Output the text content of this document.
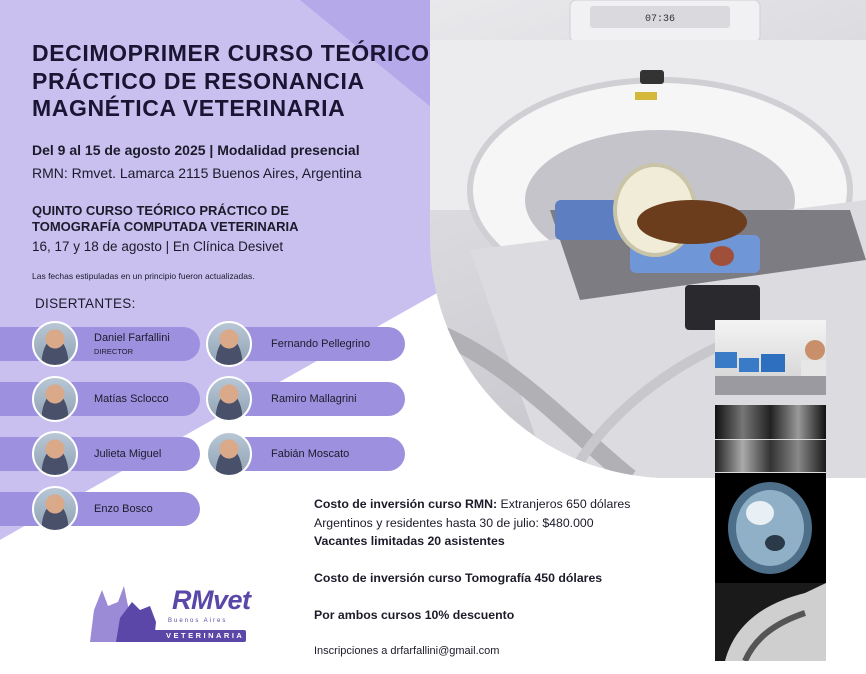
07:36
DECIMOPRIMER CURSO TEÓRICO
PRÁCTICO DE RESONANCIA
MAGNÉTICA VETERINARIA
Del 9 al 15 de agosto 2025 | Modalidad presencial
RMN: Rmvet. Lamarca 2115 Buenos Aires, Argentina
QUINTO CURSO TEÓRICO PRÁCTICO DE
TOMOGRAFÍA COMPUTADA VETERINARIA
16, 17 y 18 de agosto | En Clínica Desivet
Las fechas estipuladas en un principio fueron actualizadas.
DISERTANTES:
Daniel Farfallini
DIRECTOR
Fernando Pellegrino
Matías Sclocco	Ramiro Mallagrini
Julieta Miguel	Fabián Moscato
Enzo Bosco	Costo de inversión curso RMN: Extranjeros 650 dólares
Argentinos y residentes hasta 30 de julio: $480.000
Vacantes limitadas 20 asistentes
Costo de inversión curso Tomografía 450 dólares
Por ambos cursos 10% descuento
Inscripciones a drfarfallini@gmail.com
RMvet
Buenos Aires
VETERINARIA
